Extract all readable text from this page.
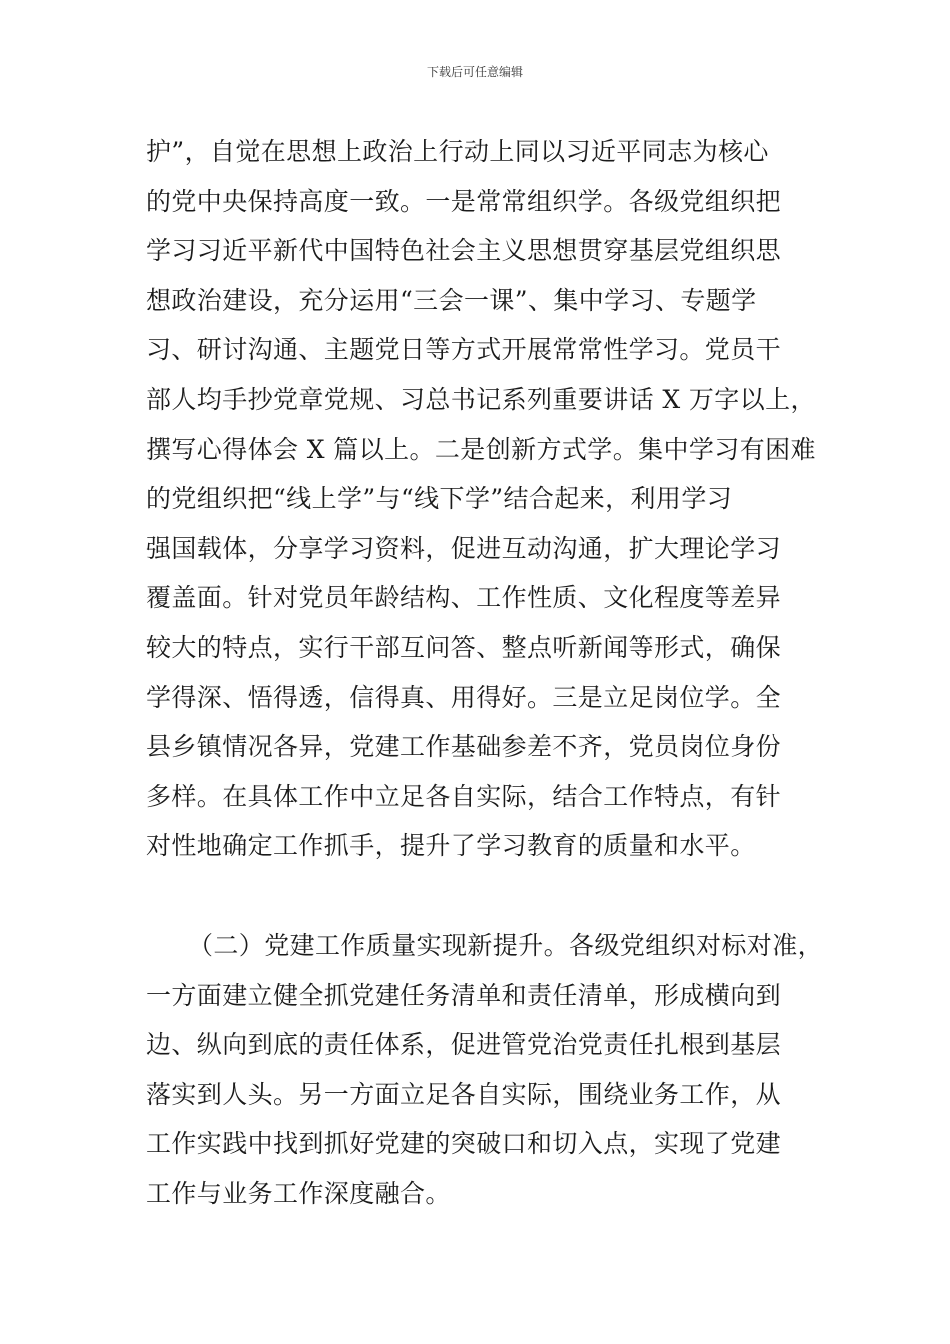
下载后可任意编辑
护”，自觉在思想上政治上行动上同以习近平同志为核心
的党中央保持高度一致。一是常常组织学。各级党组织把
学习习近平新代中国特色社会主义思想贯穿基层党组织思
想政治建设，充分运用“三会一课”、集中学习、专题学
习、研讨沟通、主题党日等方式开展常常性学习。党员干
部人均手抄党章党规、习总书记系列重要讲话 X 万字以上，
撰写心得体会 X 篇以上。二是创新方式学。集中学习有困难
的党组织把“线上学”与“线下学”结合起来，利用学习
强国载体，分享学习资料，促进互动沟通，扩大理论学习
覆盖面。针对党员年龄结构、工作性质、文化程度等差异
较大的特点，实行干部互问答、整点听新闻等形式，确保
学得深、悟得透，信得真、用得好。三是立足岗位学。全
县乡镇情况各异，党建工作基础参差不齐，党员岗位身份
多样。在具体工作中立足各自实际，结合工作特点，有针
对性地确定工作抓手，提升了学习教育的质量和水平。
（二）党建工作质量实现新提升。各级党组织对标对准，
一方面建立健全抓党建任务清单和责任清单，形成横向到
边、纵向到底的责任体系，促进管党治党责任扎根到基层
落实到人头。另一方面立足各自实际，围绕业务工作，从
工作实践中找到抓好党建的突破口和切入点，实现了党建
工作与业务工作深度融合。
